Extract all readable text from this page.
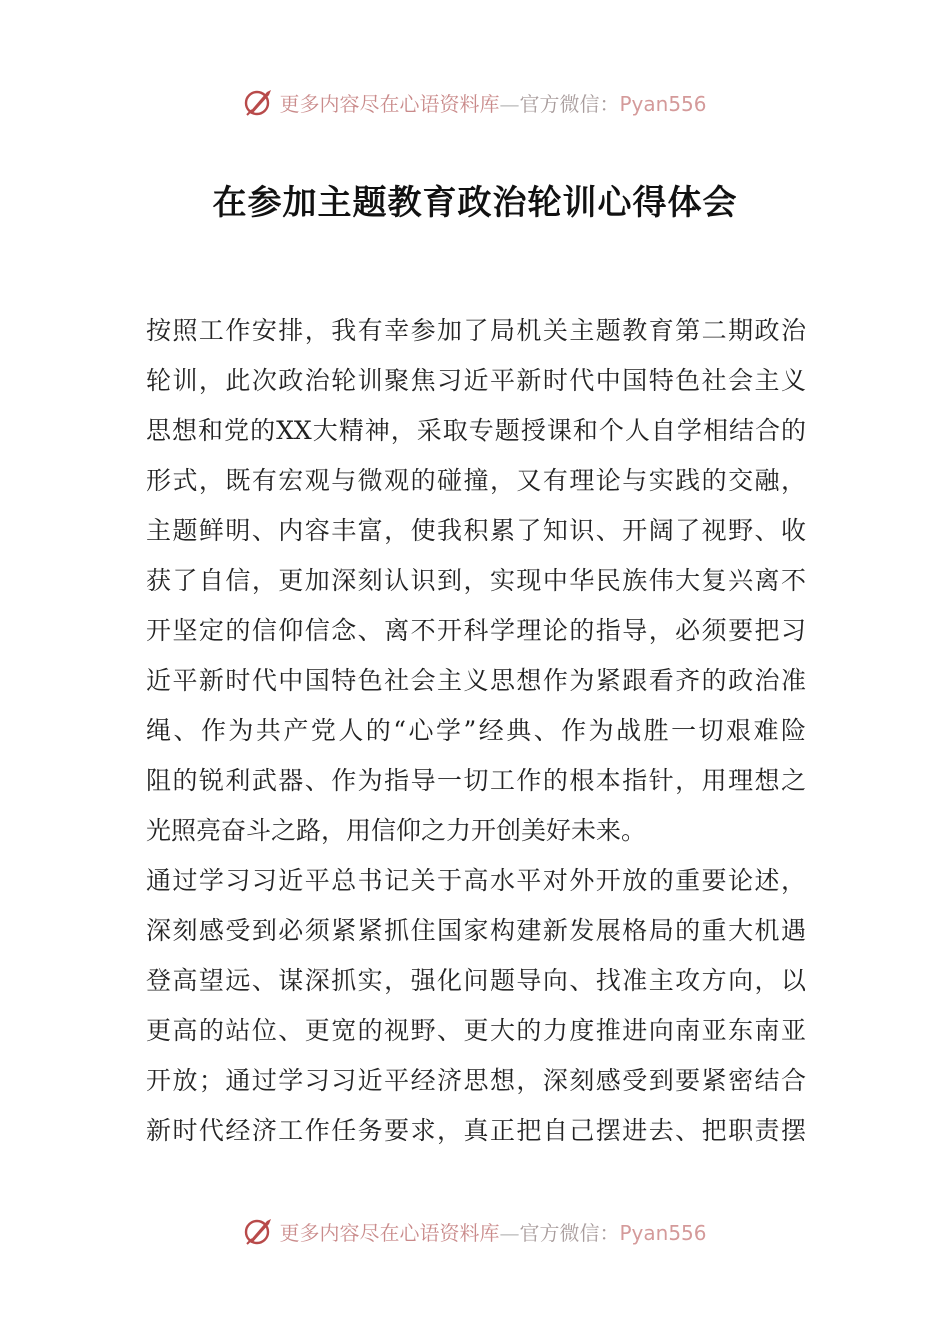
更多内容尽在心语资料库—官方微信：Pyan556
在参加主题教育政治轮训心得体会
按照工作安排，我有幸参加了局机关主题教育第二期政治
轮训，此次政治轮训聚焦习近平新时代中国特色社会主义
思想和党的XX大精神，采取专题授课和个人自学相结合的
形式，既有宏观与微观的碰撞，又有理论与实践的交融，
主题鲜明、内容丰富，使我积累了知识、开阔了视野、收
获了自信，更加深刻认识到，实现中华民族伟大复兴离不
开坚定的信仰信念、离不开科学理论的指导，必须要把习
近平新时代中国特色社会主义思想作为紧跟看齐的政治准
绳、作为共产党人的“心学”经典、作为战胜一切艰难险
阻的锐利武器、作为指导一切工作的根本指针，用理想之
光照亮奋斗之路，用信仰之力开创美好未来。
通过学习习近平总书记关于高水平对外开放的重要论述，
深刻感受到必须紧紧抓住国家构建新发展格局的重大机遇
登高望远、谋深抓实，强化问题导向、找准主攻方向，以
更高的站位、更宽的视野、更大的力度推进向南亚东南亚
开放；通过学习习近平经济思想，深刻感受到要紧密结合
新时代经济工作任务要求，真正把自己摆进去、把职责摆
更多内容尽在心语资料库—官方微信：Pyan556
